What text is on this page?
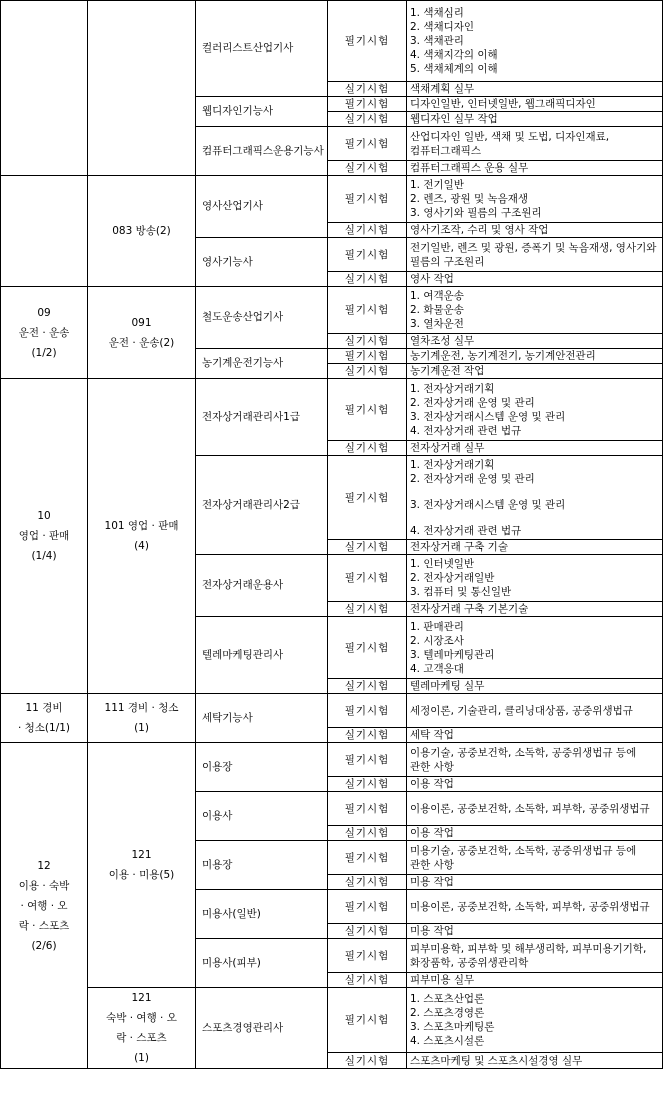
		컬러리스트산업기사	필기시험	1. 색채심리
2. 색채디자인
3. 색채관리
4. 색채지각의 이해
5. 색채체계의 이해

			실기시험	색채계획 실무
		웹디자인기능사	필기시험	디자인일반, 인터넷일반, 웹그래픽디자인
			실기시험	웹디자인 실무 작업
		컴퓨터그래픽스운용기능사	필기시험	산업디자인 일반, 색채 및 도법, 디자인재료, 컴퓨터그래픽스
			실기시험	컴퓨터그래픽스 운용 실무

	083 방송(2)	영사산업기사	필기시험	1. 전기일반
2. 렌즈, 광원 및 녹음재생
3. 영사기와 필름의 구조원리

			실기시험	영사기조작, 수리 및 영사 작업
		영사기능사	필기시험	전기일반, 렌즈 및 광원, 증폭기 및 녹음재생, 영사기와 필름의 구조원리
			실기시험	영사 작업

09
운전 · 운송
(1/2)	091
운전 · 운송(2)	철도운송산업기사	필기시험	1. 여객운송
2. 화물운송
3. 열차운전

			실기시험	열차조성 실무
		농기계운전기능사	필기시험	농기계운전, 농기계전기, 농기계안전관리
			실기시험	농기계운전 작업

10
영업 · 판매
(1/4)	101 영업 · 판매
(4)	전자상거래관리사1급	필기시험	1. 전자상거래기획
2. 전자상거래 운영 및 관리
3. 전자상거래시스템 운영 및 관리
4. 전자상거래 관련 법규

			실기시험	전자상거래 실무
		전자상거래관리사2급	필기시험	1. 전자상거래기획
2. 전자상거래 운영 및 관리
3. 전자상거래시스템 운영 및 관리
4. 전자상거래 관련 법규

			실기시험	전자상거래 구축 기술
		전자상거래운용사	필기시험	1. 인터넷일반
2. 전자상거래일반
3. 컴퓨터 및 통신일반

			실기시험	전자상거래 구축 기본기술
		텔레마케팅관리사	필기시험	1. 판매관리
2. 시장조사
3. 텔레마케팅관리
4. 고객응대

			실기시험	텔레마케팅 실무

11 경비
· 청소(1/1)	111 경비 · 청소
(1)	세탁기능사	필기시험	세정이론, 기술관리, 클리닝대상품, 공중위생법규
			실기시험	세탁 작업

12
이용 · 숙박
· 여행 · 오
락 · 스포츠
(2/6)	121
이용 · 미용(5)	이용장	필기시험	이용기술, 공중보건학, 소독학, 공중위생법규 등에 관한 사항
			실기시험	이용 작업
		이용사	필기시험	이용이론, 공중보건학, 소독학, 피부학, 공중위생법규
			실기시험	이용 작업
		미용장	필기시험	미용기술, 공중보건학, 소독학, 공중위생법규 등에 관한 사항
			실기시험	미용 작업
		미용사(일반)	필기시험	미용이론, 공중보건학, 소독학, 피부학, 공중위생법규
			실기시험	미용 작업
		미용사(피부)	필기시험	피부미용학, 피부학 및 해부생리학, 피부미용기기학, 화장품학, 공중위생관리학
			실기시험	피부미용 실무

	121
숙박 · 여행 · 오
락 · 스포츠
(1)	스포츠경영관리사	필기시험	1. 스포츠산업론
2. 스포츠경영론
3. 스포츠마케팅론
4. 스포츠시설론

			실기시험	스포츠마케팅 및 스포츠시설경영 실무
